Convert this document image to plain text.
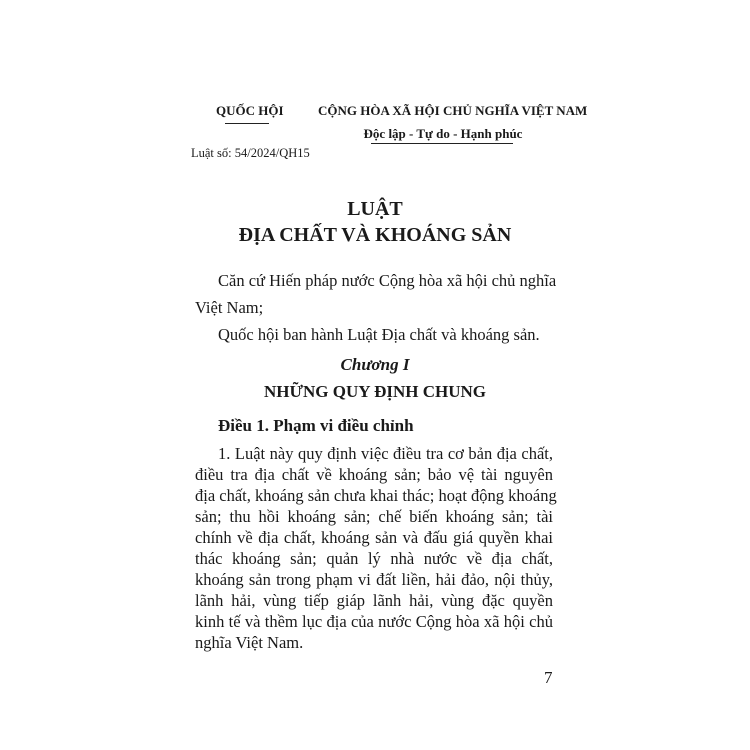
QUỐC HỘI	CỘNG HÒA XÃ HỘI CHỦ NGHĨA VIỆT NAM
Độc lập - Tự do - Hạnh phúc
Luật số: 54/2024/QH15
LUẬT
ĐỊA CHẤT VÀ KHOÁNG SẢN
Căn cứ Hiến pháp nước Cộng hòa xã hội chủ nghĩa
Việt Nam;
Quốc hội ban hành Luật Địa chất và khoáng sản.
Chương I
NHỮNG QUY ĐỊNH CHUNG
Điều 1. Phạm vi điều chỉnh
1. Luật này quy định việc điều tra cơ bản địa chất,
điều tra địa chất về khoáng sản; bảo vệ tài nguyên
địa chất, khoáng sản chưa khai thác; hoạt động khoáng
sản; thu hồi khoáng sản; chế biến khoáng sản; tài
chính về địa chất, khoáng sản và đấu giá quyền khai
thác khoáng sản; quản lý nhà nước về địa chất,
khoáng sản trong phạm vi đất liền, hải đảo, nội thủy,
lãnh hải, vùng tiếp giáp lãnh hải, vùng đặc quyền
kinh tế và thềm lục địa của nước Cộng hòa xã hội chủ
nghĩa Việt Nam.
7
